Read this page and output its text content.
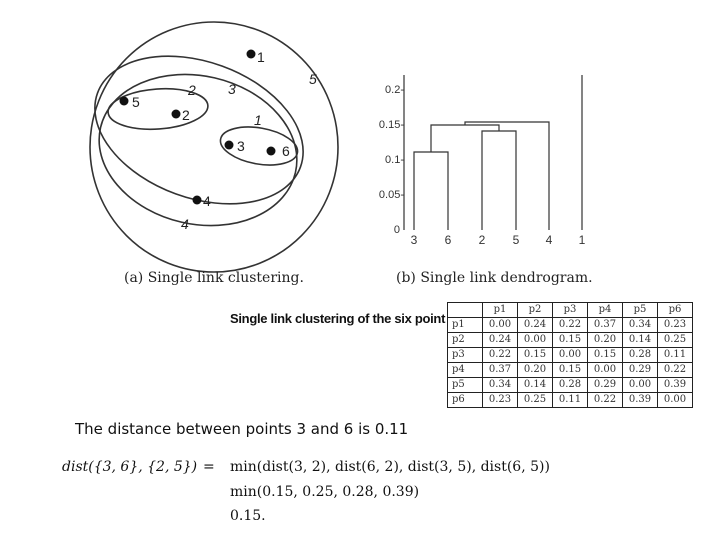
1
5
2
3	6
4
1
2 3
4
5
0
0.05-
0.1-
0.15-
0.2-
3 6 2 5 4 1
(a) Single link clustering.	(b) Single link dendrogram.
Single link clustering of the six point
	p1	p2	p3	p4	p5	p6
p1	0.00	0.24	0.22	0.37	0.34	0.23
p2	0.24	0.00	0.15	0.20	0.14	0.25
p3	0.22	0.15	0.00	0.15	0.28	0.11
p4	0.37	0.20	0.15	0.00	0.29	0.22
p5	0.34	0.14	0.28	0.29	0.00	0.39
p6	0.23	0.25	0.11	0.22	0.39	0.00
The distance between points 3 and 6 is 0.11
dist({3, 6}, {2, 5}) = min(dist(3, 2), dist(6, 2), dist(3, 5), dist(6, 5))
min(0.15, 0.25, 0.28, 0.39)
0.15.
